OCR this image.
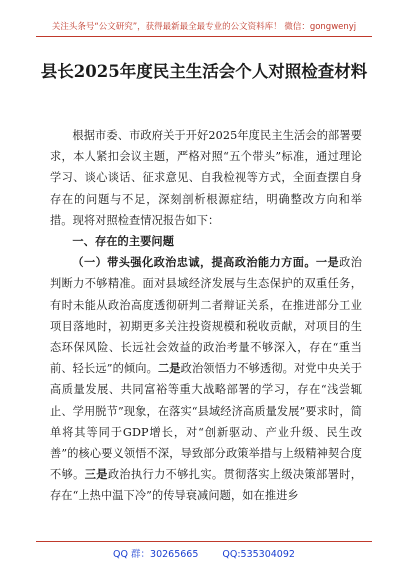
关注头条号“公文研究”，获得最新最全最专业的公文资料库！ 微信：gongwenyj
县长2025年度民主生活会个人对照检查材料

根据市委、市政府关于开好2025年度民主生活会的部署要求，本人紧扣会议主题，严格对照“五个带头”标准，通过理论学习、谈心谈话、征求意见、自我检视等方式，全面查摆自身存在的问题与不足，深刻剖析根源症结，明确整改方向和举措。现将对照检查情况报告如下：

一、存在的主要问题

（一）带头强化政治忠诚，提高政治能力方面。一是政治判断力不够精准。面对县域经济发展与生态保护的双重任务，有时未能从政治高度透彻研判二者辩证关系，在推进部分工业项目落地时，初期更多关注投资规模和税收贡献，对项目的生态环保风险、长远社会效益的政治考量不够深入，存在“重当前、轻长远”的倾向。二是政治领悟力不够透彻。对党中央关于高质量发展、共同富裕等重大战略部署的学习，存在“浅尝辄止、学用脱节”现象，在落实“县域经济高质量发展”要求时，简单将其等同于GDP增长，对“创新驱动、产业升级、民生改善”的核心要义领悟不深，导致部分政策举措与上级精神契合度不够。三是政治执行力不够扎实。贯彻落实上级决策部署时，存在“上热中温下冷”的传导衰减问题，如在推进乡

QQ 群：30265665	QQ:535304092
